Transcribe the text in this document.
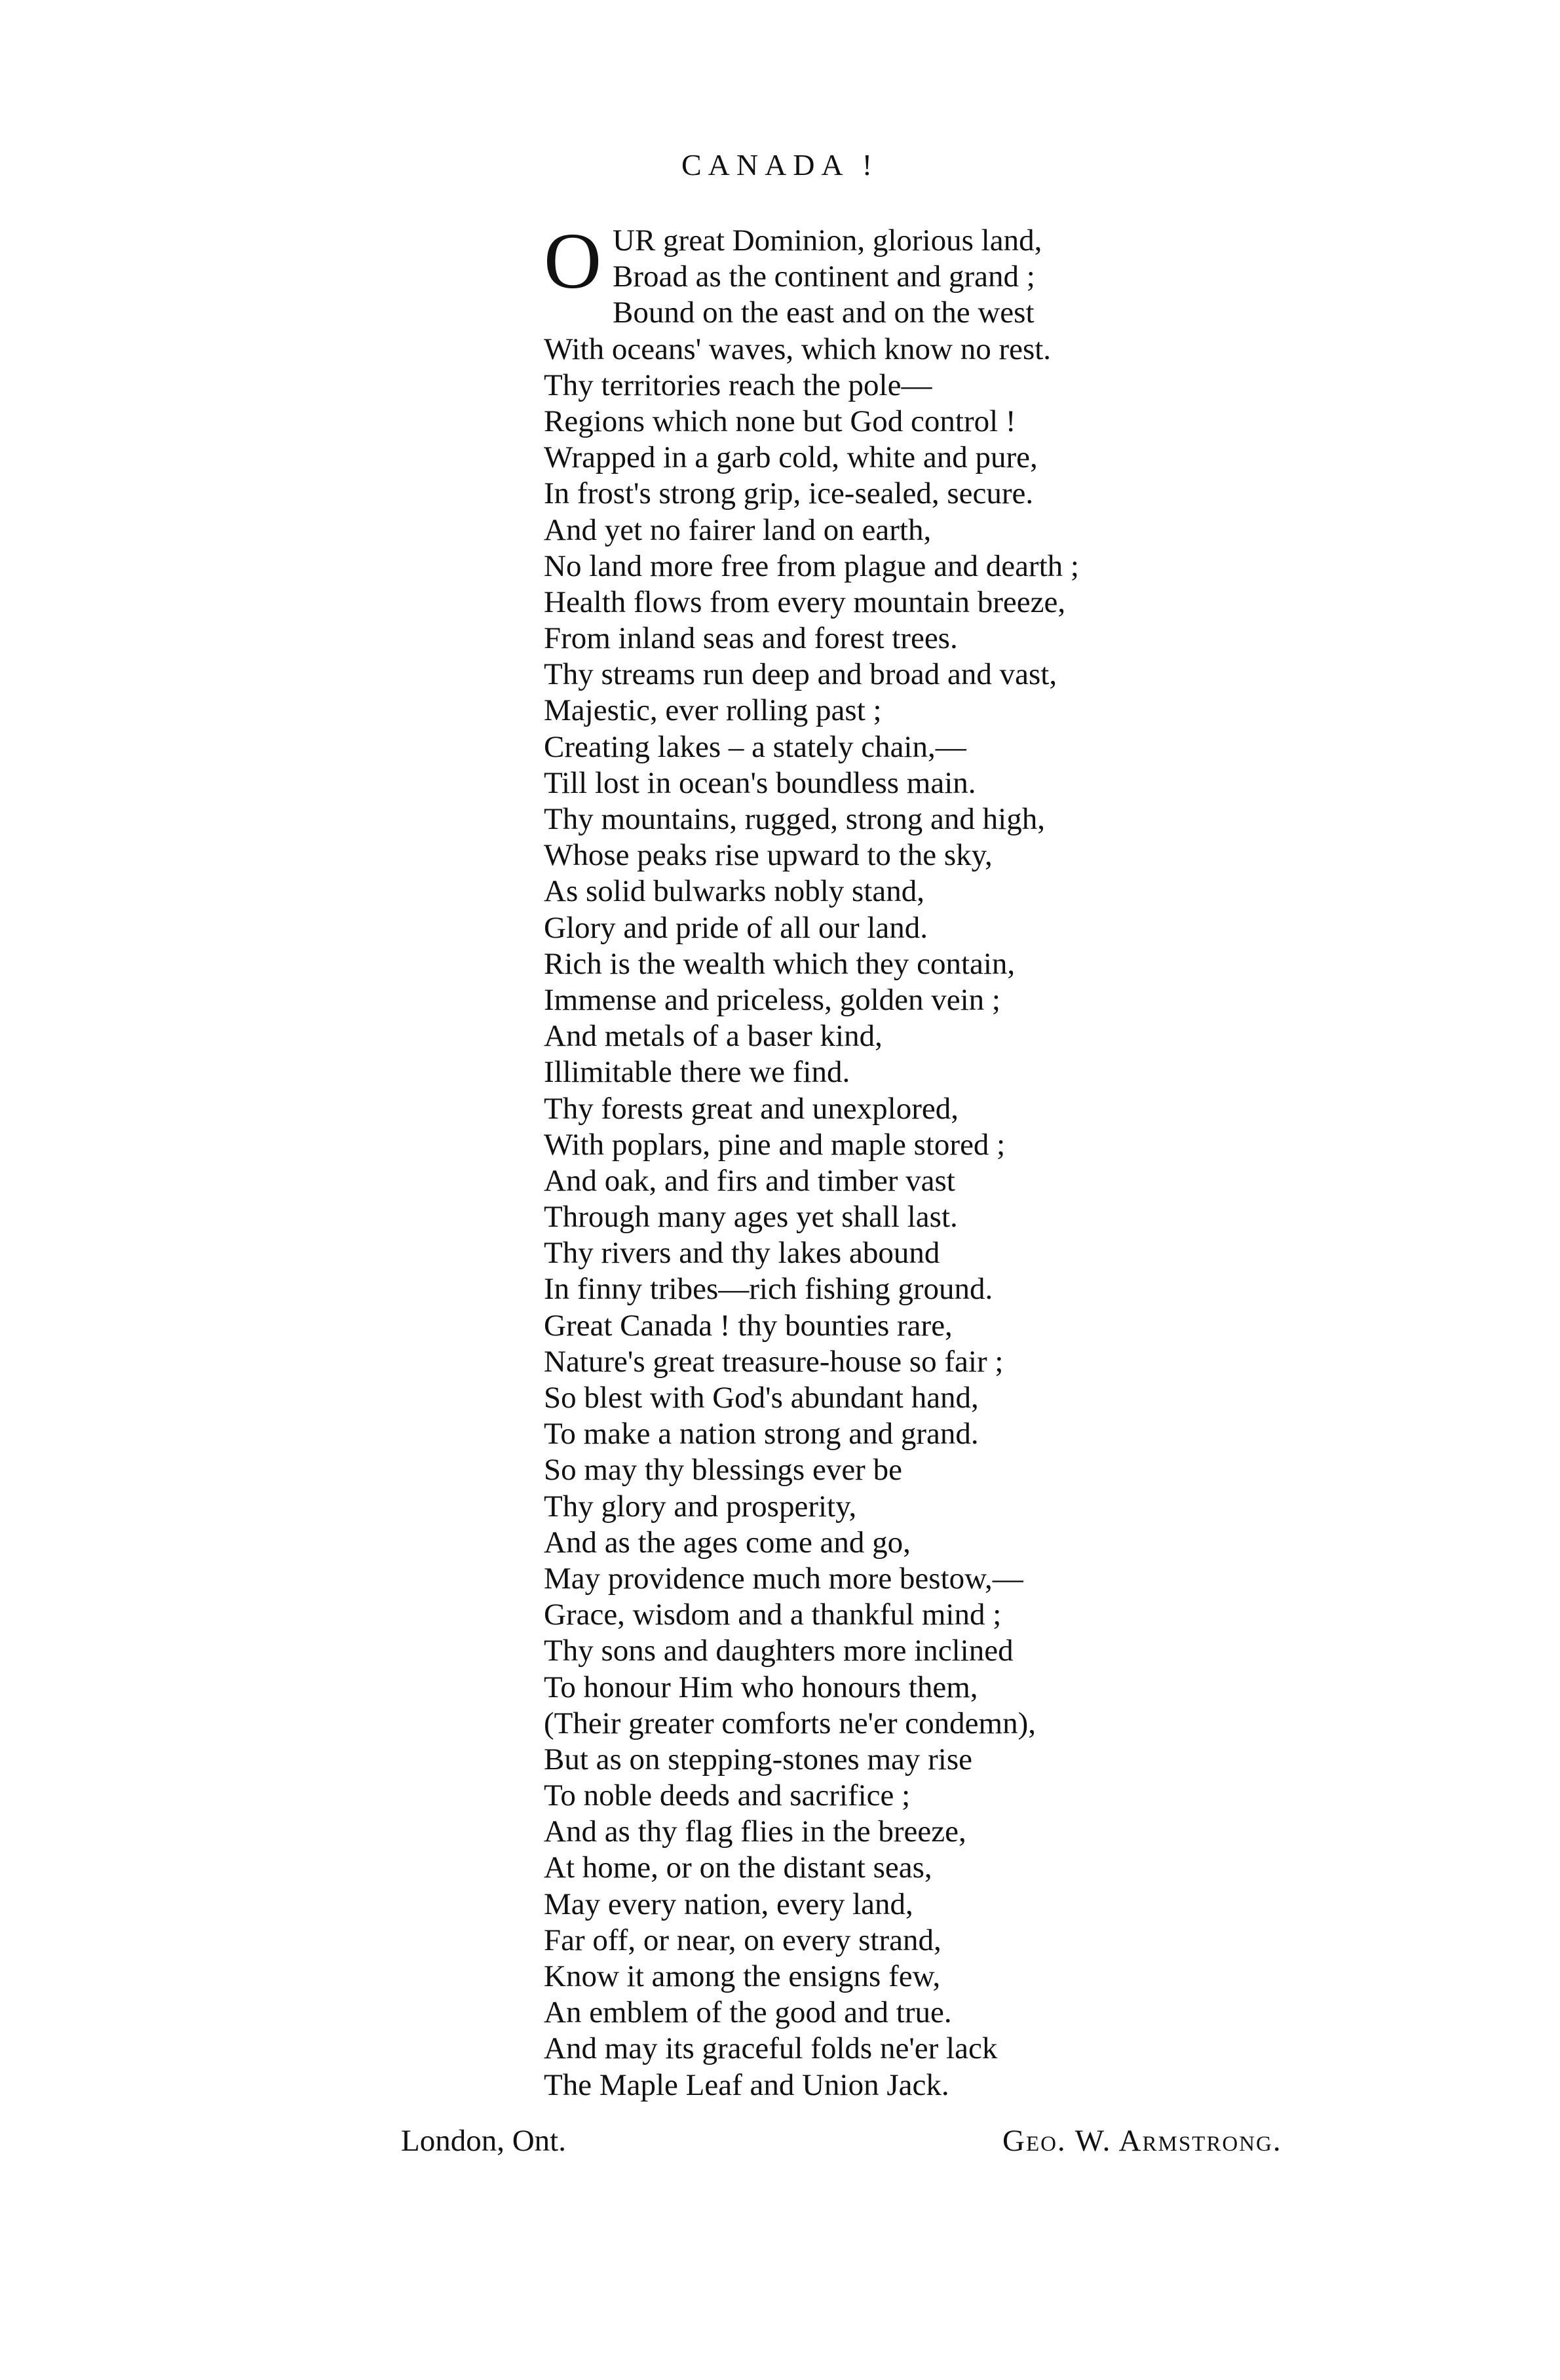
CANADA !
O UR great Dominion, glorious land,
Broad as the continent and grand ;
Bound on the east and on the west
With oceans' waves, which know no rest.
Thy territories reach the pole—
Regions which none but God control !
Wrapped in a garb cold, white and pure,
In frost's strong grip, ice-sealed, secure.
And yet no fairer land on earth,
No land more free from plague and dearth ;
Health flows from every mountain breeze,
From inland seas and forest trees.
Thy streams run deep and broad and vast,
Majestic, ever rolling past ;
Creating lakes – a stately chain,—
Till lost in ocean's boundless main.
Thy mountains, rugged, strong and high,
Whose peaks rise upward to the sky,
As solid bulwarks nobly stand,
Glory and pride of all our land.
Rich is the wealth which they contain,
Immense and priceless, golden vein ;
And metals of a baser kind,
Illimitable there we find.
Thy forests great and unexplored,
With poplars, pine and maple stored ;
And oak, and firs and timber vast
Through many ages yet shall last.
Thy rivers and thy lakes abound
In finny tribes—rich fishing ground.
Great Canada ! thy bounties rare,
Nature's great treasure-house so fair ;
So blest with God's abundant hand,
To make a nation strong and grand.
So may thy blessings ever be
Thy glory and prosperity,
And as the ages come and go,
May providence much more bestow,—
Grace, wisdom and a thankful mind ;
Thy sons and daughters more inclined
To honour Him who honours them,
(Their greater comforts ne'er condemn),
But as on stepping-stones may rise
To noble deeds and sacrifice ;
And as thy flag flies in the breeze,
At home, or on the distant seas,
May every nation, every land,
Far off, or near, on every strand,
Know it among the ensigns few,
An emblem of the good and true.
And may its graceful folds ne'er lack
The Maple Leaf and Union Jack.
London, Ont.	Geo. W. Armstrong.
